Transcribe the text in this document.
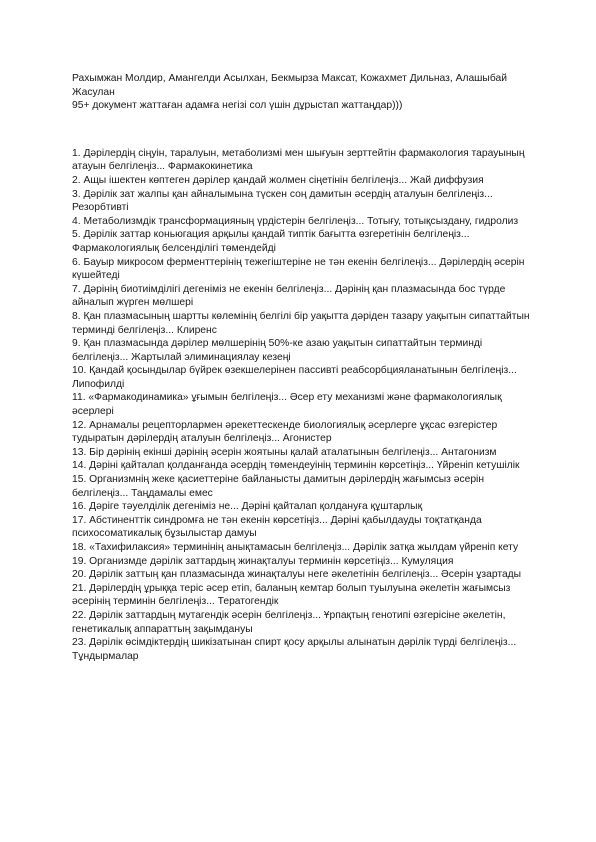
Рахымжан Молдир, Амангелди Асылхан, Бекмырза Максат, Кожахмет Дильназ, Алашыбай Жасулан

95+ документ жаттаған адамға негізі сол үшін дұрыстап жаттаңдар)))

1. Дәрілердің сіңуін, таралуын, метаболизмі мен шығуын зерттейтін фармакология тарауының атауын белгілеңіз... Фармакокинетика

2. Ащы ішектен көптеген дәрілер қандай жолмен сіңетінін белгілеңіз... Жай диффузия

3. Дәрілік зат жалпы қан айналымына түскен соң дамитын әсердің аталуын белгілеңіз... Резорбтивті

4. Метаболизмдік трансформацияның үрдістерін белгілеңіз... Тотығу, тотықсыздану, гидролиз

5. Дәрілік заттар коньюгация арқылы қандай типтік бағытта өзгеретінін белгілеңіз... Фармакологиялық белсенділігі төмендейді

6. Бауыр микросом ферменттерінің тежегіштеріне не тән екенін белгілеңіз... Дәрілердің әсерін күшейтеді

7. Дәрінің биотиімділігі дегеніміз не екенін белгілеңіз... Дәрінің қан плазмасында бос түрде айналып жүрген мөлшері

8. Қан плазмасының шартты көлемінің белгілі бір уақытта дәріден тазару уақытын сипаттайтын терминді белгілеңіз... Клиренс

9. Қан плазмасында дәрілер мөлшерінің 50%-ке азаю уақытын сипаттайтын терминді белгілеңіз... Жартылай элиминациялау кезеңі

10. Қандай қосындылар бүйрек өзекшелерінен пассивті реабсорбцияланатынын белгілеңіз... Липофилді

11. «Фармакодинамика» ұғымын белгілеңіз... Әсер ету механизмі және фармакологиялық әсерлері

12. Арнамалы рецепторлармен әрекеттескенде биологиялық әсерлерге ұқсас өзгерістер тудыратын дәрілердің аталуын белгілеңіз... Агонистер

13. Бір дәрінің екінші дәрінің әсерін жоятыны қалай аталатынын белгілеңіз... Антагонизм

14. Дәріні қайталап қолданғанда әсердің төмендеуінің терминін көрсетіңіз... Үйреніп кетушілік

15. Организмнің жеке қасиеттеріне байланысты дамитын дәрілердің жағымсыз әсерін белгілеңіз... Таңдамалы емес

16. Дәріге тәуелділік дегеніміз не... Дәріні қайталап қолдануға құштарлық

17. Абстиненттік синдромға не тән екенін көрсетіңіз... Дәріні қабылдауды тоқтатқанда психосоматикалық бұзылыстар дамуы

18. «Тахифилаксия» терминінің анықтамасын белгілеңіз... Дәрілік затқа жылдам үйреніп кету

19. Организмде дәрілік заттардың жинақталуы терминін көрсетіңіз... Кумуляция

20. Дәрілік заттың қан плазмасында жинақталуы неге әкелетінін белгілеңіз... Әсерін ұзартады

21. Дәрілердің ұрыққа теріс әсер етіп, баланың кемтар болып туылуына әкелетін жағымсыз әсерінің терминін белгілеңіз... Тератогендік

22. Дәрілік заттардың мутагендік әсерін белгілеңіз... Ұрпақтың генотипі өзгерісіне әкелетін, генетикалық аппараттың зақымдануы

23. Дәрілік өсімдіктердің шикізатынан спирт қосу арқылы алынатын дәрілік түрді белгілеңіз... Тұндырмалар
